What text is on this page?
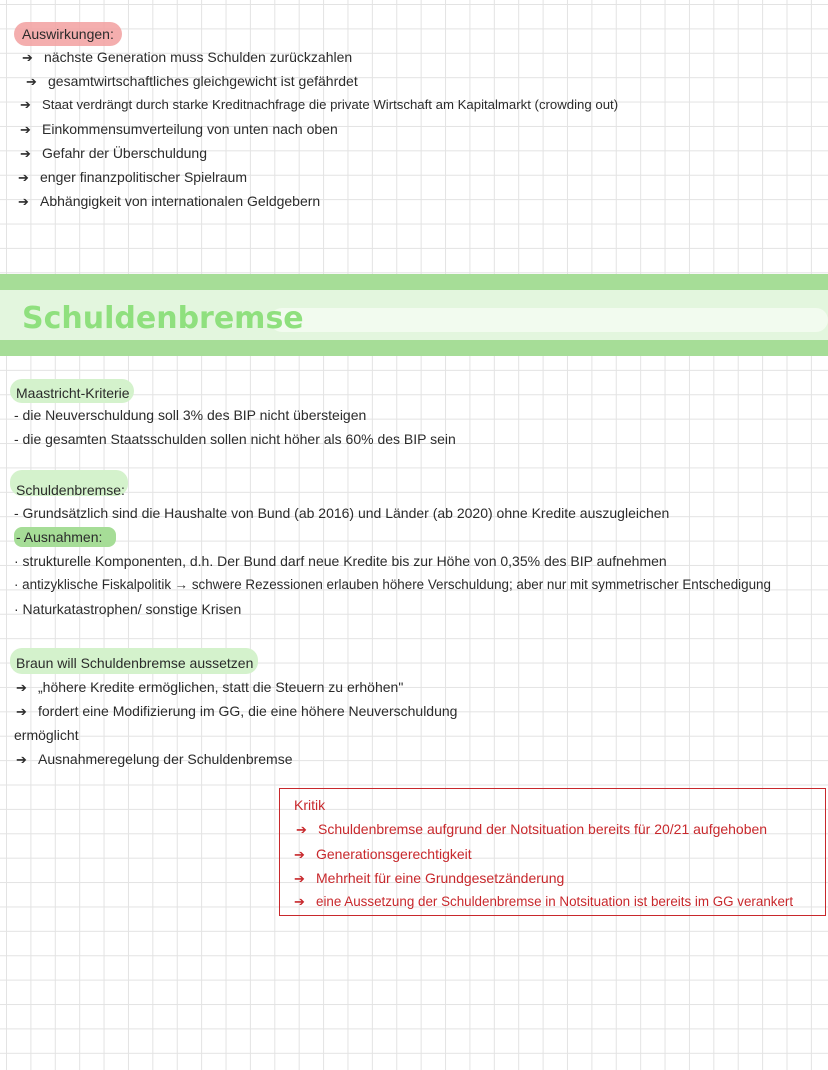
Auswirkungen:
➔ nächste Generation muss Schulden zurückzahlen
➔ gesamtwirtschaftliches gleichgewicht ist gefährdet
➔ Staat verdrängt durch starke Kreditnachfrage die private Wirtschaft am Kapitalmarkt (crowding out)
➔ Einkommensumverteilung von unten nach oben
➔ Gefahr der Überschuldung
➔ enger finanzpolitischer Spielraum
➔ Abhängigkeit von internationalen Geldgebern
Schuldenbremse
Maastricht-Kriterie
- die Neuverschuldung soll 3% des BIP nicht übersteigen
- die gesamten Staatsschulden sollen nicht höher als 60% des BIP sein
Schuldenbremse:
- Grundsätzlich sind die Haushalte von Bund (ab 2016) und Länder (ab 2020) ohne Kredite auszugleichen
- Ausnahmen:
· strukturelle Komponenten, d.h. Der Bund darf neue Kredite bis zur Höhe von 0,35% des BIP aufnehmen
· antizyklische Fiskalpolitik → schwere Rezessionen erlauben höhere Verschuldung; aber nur mit symmetrischer Entschedigung
· Naturkatastrophen/ sonstige Krisen
Braun will Schuldenbremse aussetzen
➔ „höhere Kredite ermöglichen, statt die Steuern zu erhöhen"
➔ fordert eine Modifizierung im GG, die eine höhere Neuverschuldung
ermöglicht
➔ Ausnahmeregelung der Schuldenbremse
Kritik
➔ Schuldenbremse aufgrund der Notsituation bereits für 20/21 aufgehoben
➔ Generationsgerechtigkeit
➔ Mehrheit für eine Grundgesetzänderung
➔ eine Aussetzung der Schuldenbremse in Notsituation ist bereits im GG verankert
